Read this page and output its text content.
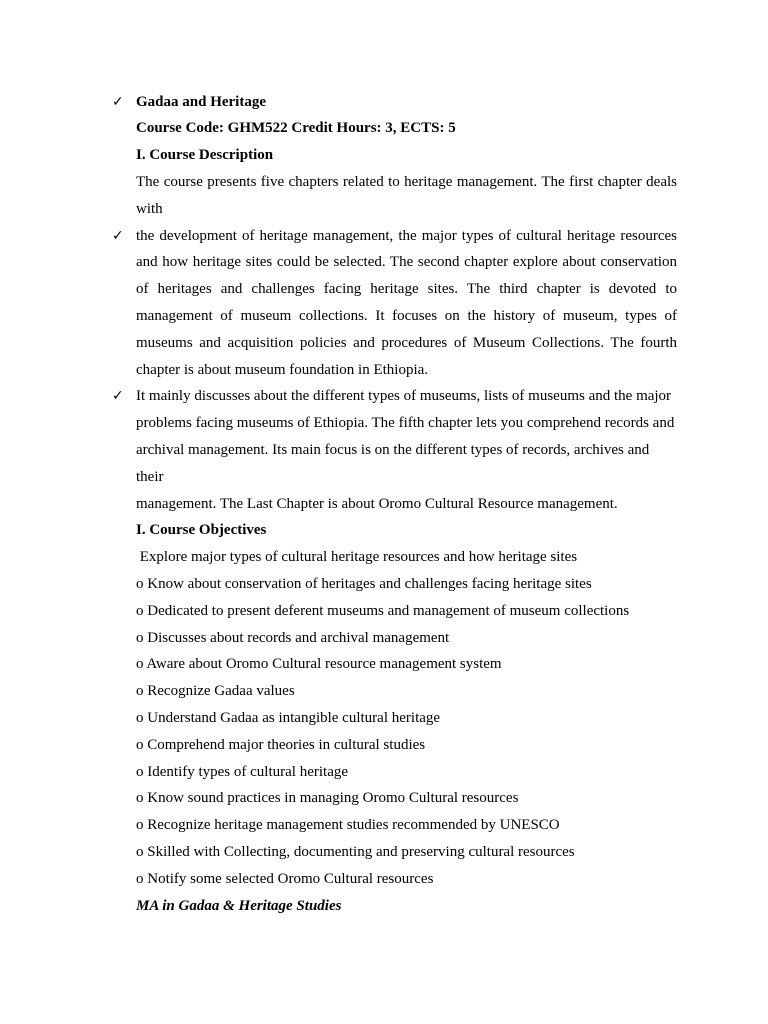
✓ Gadaa and Heritage
Course Code: GHM522 Credit Hours: 3, ECTS: 5
I. Course Description
The course presents five chapters related to heritage management. The first chapter deals
with
✓ the development of heritage management, the major types of cultural heritage resources
and how heritage sites could be selected. The second chapter explore about conservation
of heritages and challenges facing heritage sites. The third chapter is devoted to
management of museum collections. It focuses on the history of museum, types of
museums and acquisition policies and procedures of Museum Collections. The fourth
chapter is about museum foundation in Ethiopia.
✓ It mainly discusses about the different types of museums, lists of museums and the major
problems facing museums of Ethiopia. The fifth chapter lets you comprehend records and
archival management. Its main focus is on the different types of records, archives and
their
management. The Last Chapter is about Oromo Cultural Resource management.
I. Course Objectives
Explore major types of cultural heritage resources and how heritage sites
o Know about conservation of heritages and challenges facing heritage sites
o Dedicated to present deferent museums and management of museum collections
o Discusses about records and archival management
o Aware about Oromo Cultural resource management system
o Recognize Gadaa values
o Understand Gadaa as intangible cultural heritage
o Comprehend major theories in cultural studies
o Identify types of cultural heritage
o Know sound practices in managing Oromo Cultural resources
o Recognize heritage management studies recommended by UNESCO
o Skilled with Collecting, documenting and preserving cultural resources
o Notify some selected Oromo Cultural resources
MA in Gadaa & Heritage Studies
